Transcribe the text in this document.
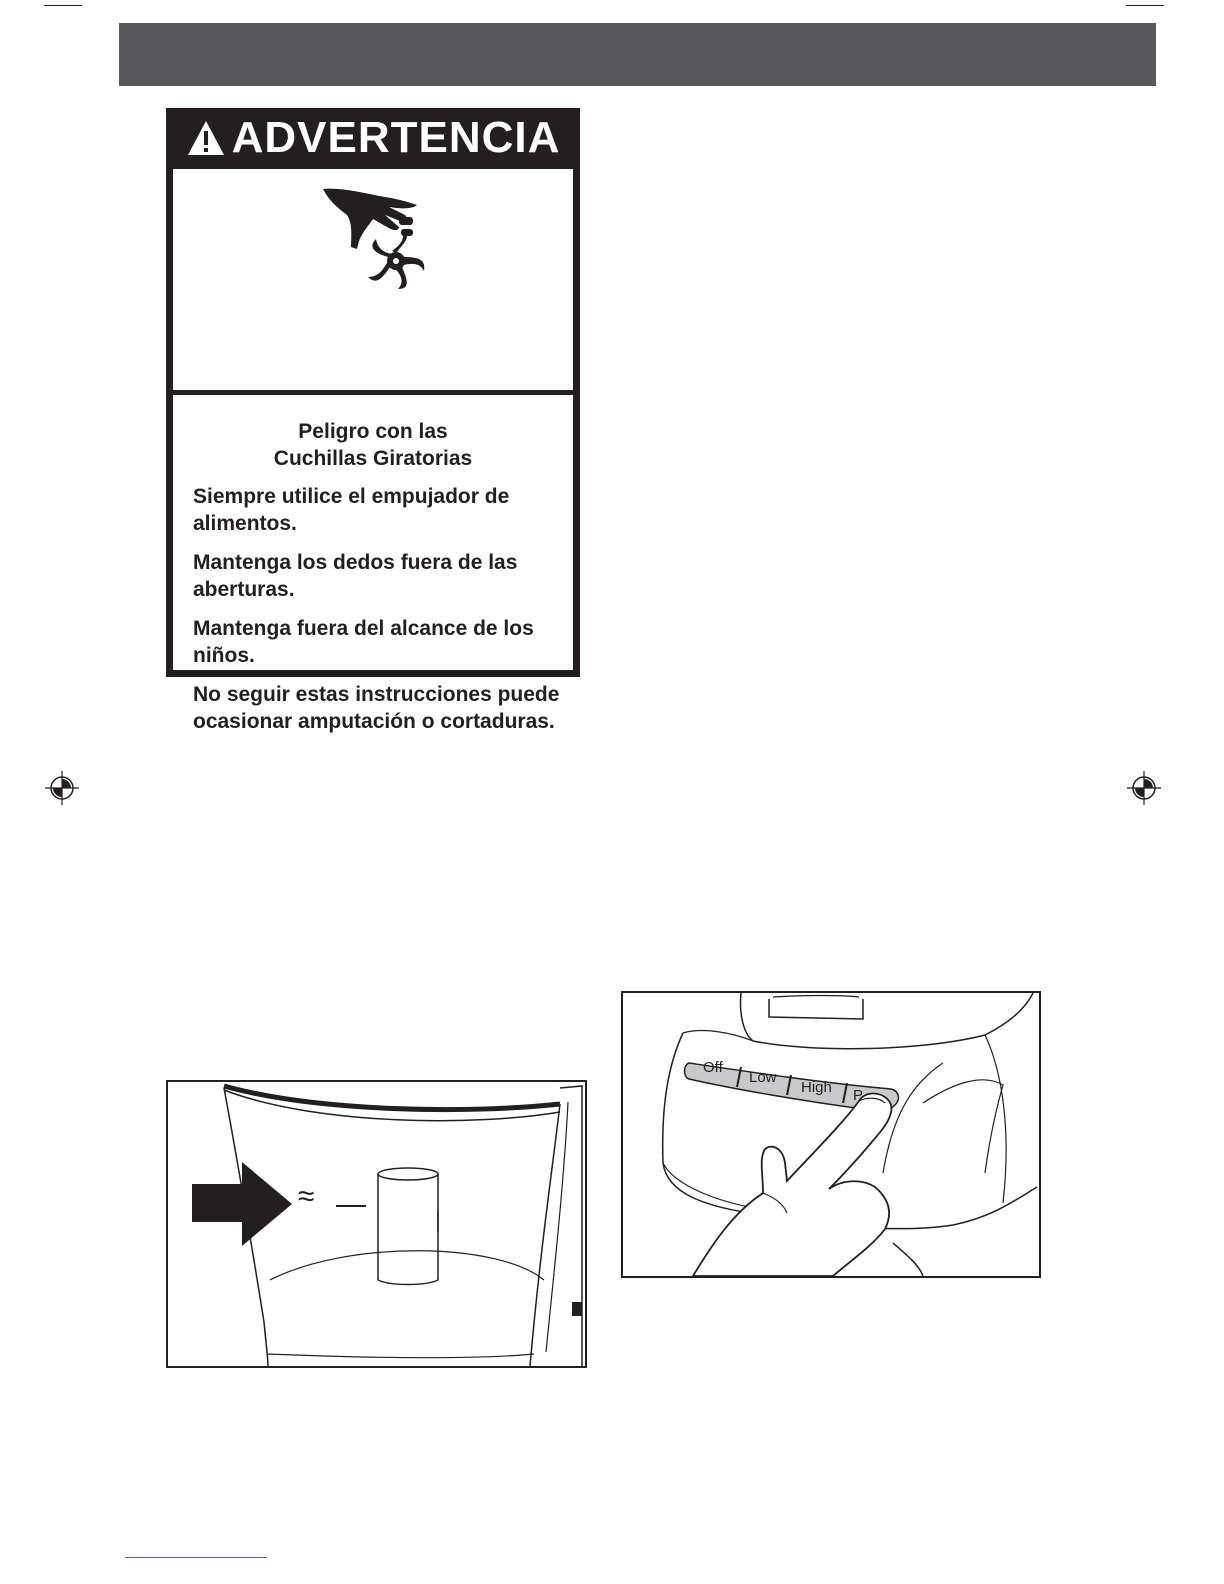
ADVERTENCIA
Peligro con las
Cuchillas Giratorias
Siempre utilice el empujador de alimentos.
Mantenga los dedos fuera de las aberturas.
Mantenga fuera del alcance de los niños.
No seguir estas instrucciones puede ocasionar amputación o cortaduras.
≈
Off
Low
High P
